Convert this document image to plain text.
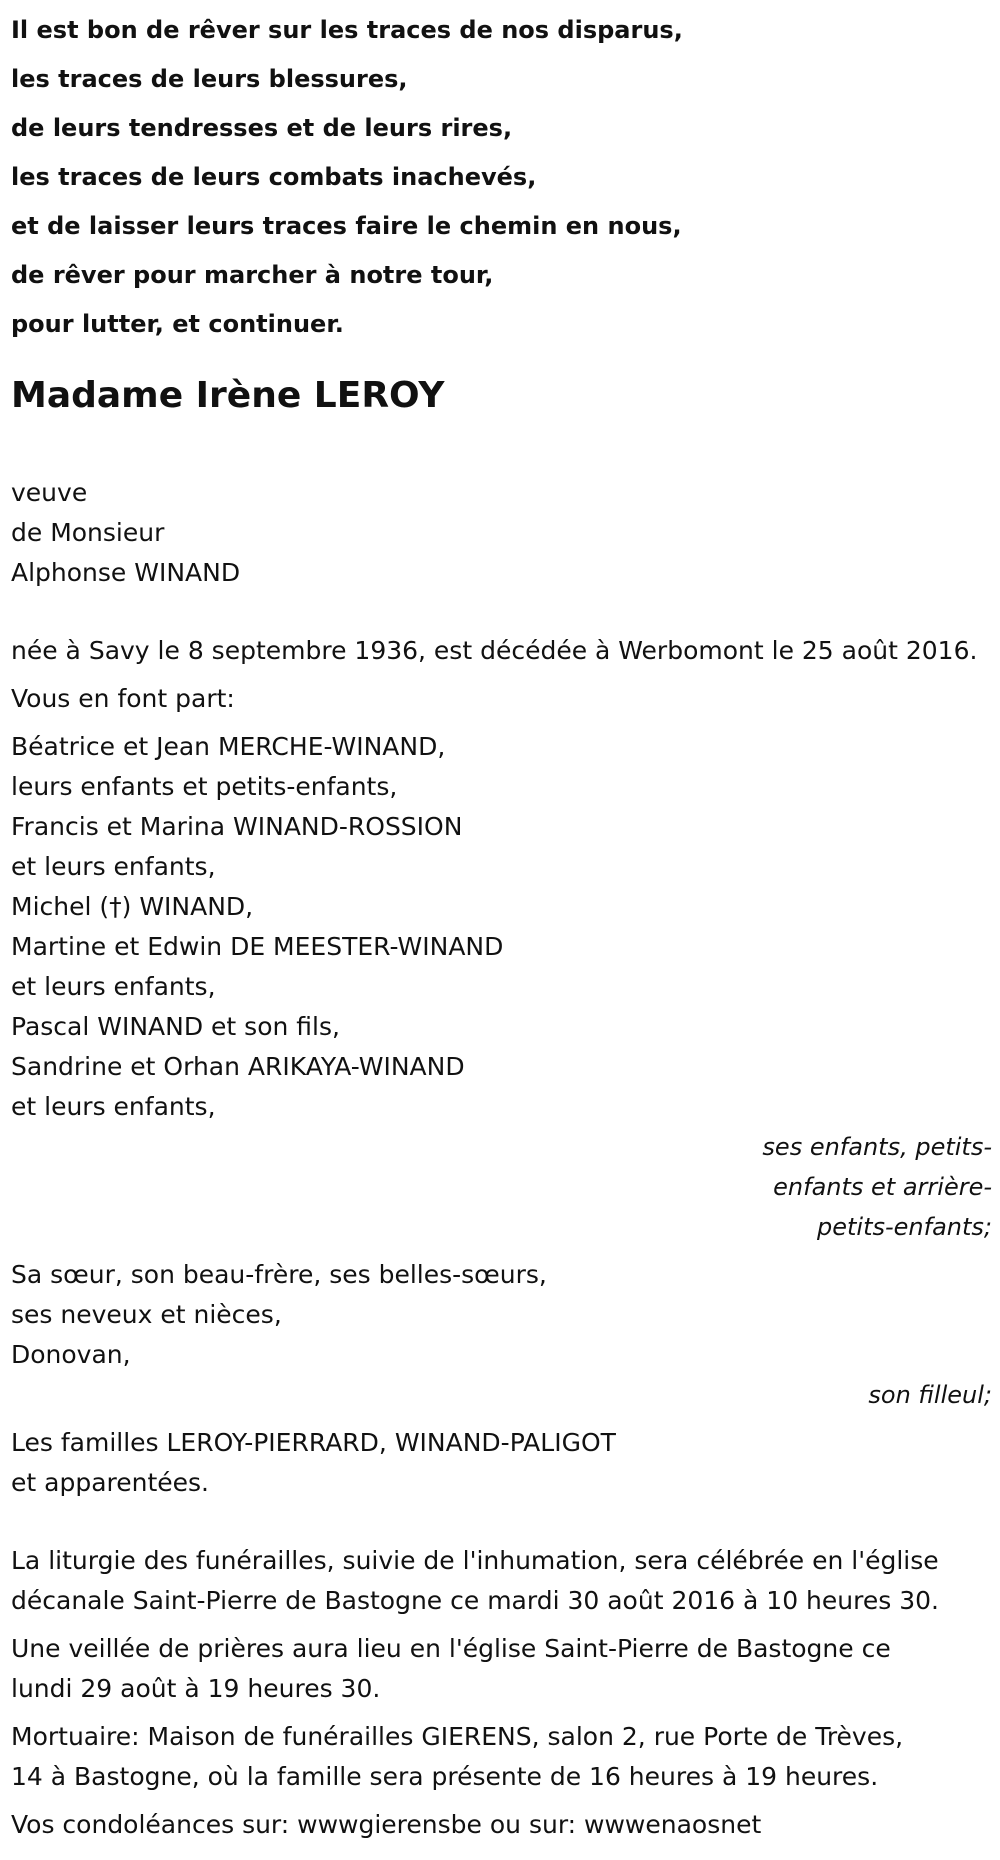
Il est bon de rêver sur les traces de nos disparus,
les traces de leurs blessures,
de leurs tendresses et de leurs rires,
les traces de leurs combats inachevés,
et de laisser leurs traces faire le chemin en nous,
de rêver pour marcher à notre tour,
pour lutter, et continuer.
Madame Irène LEROY
veuve
de Monsieur
Alphonse WINAND
née à Savy le 8 septembre 1936, est décédée à Werbomont le 25 août 2016.
Vous en font part:
Béatrice et Jean MERCHE-WINAND,
leurs enfants et petits-enfants,
Francis et Marina WINAND-ROSSION
et leurs enfants,
Michel (†) WINAND,
Martine et Edwin DE MEESTER-WINAND
et leurs enfants,
Pascal WINAND et son fils,
Sandrine et Orhan ARIKAYA-WINAND
et leurs enfants,
ses enfants, petits-
enfants et arrière-
petits-enfants;
Sa sœur, son beau-frère, ses belles-sœurs,
ses neveux et nièces,
Donovan,
son filleul;
Les familles LEROY-PIERRARD, WINAND-PALIGOT
et apparentées.
La liturgie des funérailles, suivie de l'inhumation, sera célébrée en l'église
décanale Saint-Pierre de Bastogne ce mardi 30 août 2016 à 10 heures 30.
Une veillée de prières aura lieu en l'église Saint-Pierre de Bastogne ce
lundi 29 août à 19 heures 30.
Mortuaire: Maison de funérailles GIERENS, salon 2, rue Porte de Trèves,
14 à Bastogne, où la famille sera présente de 16 heures à 19 heures.
Vos condoléances sur: wwwgierensbe ou sur: wwwenaosnet
